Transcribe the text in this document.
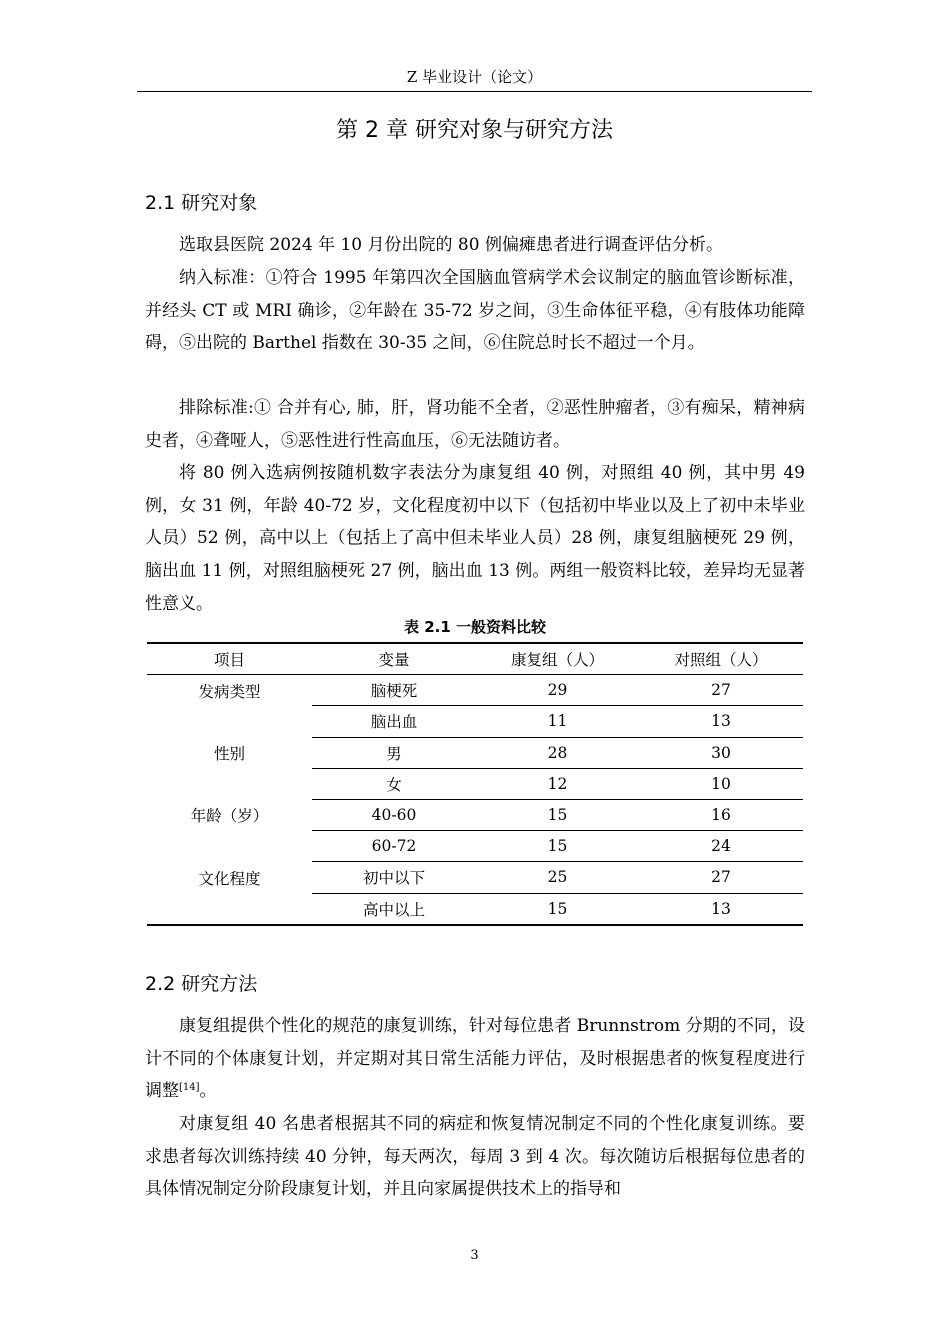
Z 毕业设计（论文）
第 2 章 研究对象与研究方法
2.1 研究对象

选取县医院 2024 年 10 月份出院的 80 例偏瘫患者进行调查评估分析。

纳入标准：①符合 1995 年第四次全国脑血管病学术会议制定的脑血管诊断标准，并经头 CT 或 MRI 确诊，②年龄在 35-72 岁之间，③生命体征平稳，④有肢体功能障碍，⑤出院的 Barthel 指数在 30-35 之间，⑥住院总时长不超过一个月。

排除标准:① 合并有心, 肺，肝，肾功能不全者，②恶性肿瘤者，③有痴呆，精神病史者，④聋哑人，⑤恶性进行性高血压，⑥无法随访者。

将 80 例入选病例按随机数字表法分为康复组 40 例，对照组 40 例，其中男 49 例，女 31 例，年龄 40-72 岁，文化程度初中以下（包括初中毕业以及上了初中未毕业人员）52 例，高中以上（包括上了高中但未毕业人员）28 例，康复组脑梗死 29 例，脑出血 11 例，对照组脑梗死 27 例，脑出血 13 例。两组一般资料比较，差异均无显著性意义。

表 2.1 一般资料比较
项目	变量	康复组（人）	对照组（人）
发病类型	脑梗死	29	27
	脑出血	11	13
性别	男	28	30
	女	12	10
年龄（岁）	40-60	15	16
	60-72	15	24
文化程度	初中以下	25	27
	高中以上	15	13
2.2 研究方法

康复组提供个性化的规范的康复训练，针对每位患者 Brunnstrom 分期的不同，设计不同的个体康复计划，并定期对其日常生活能力评估，及时根据患者的恢复程度进行调整[14]。

对康复组 40 名患者根据其不同的病症和恢复情况制定不同的个性化康复训练。要求患者每次训练持续 40 分钟，每天两次，每周 3 到 4 次。每次随访后根据每位患者的具体情况制定分阶段康复计划，并且向家属提供技术上的指导和

3
